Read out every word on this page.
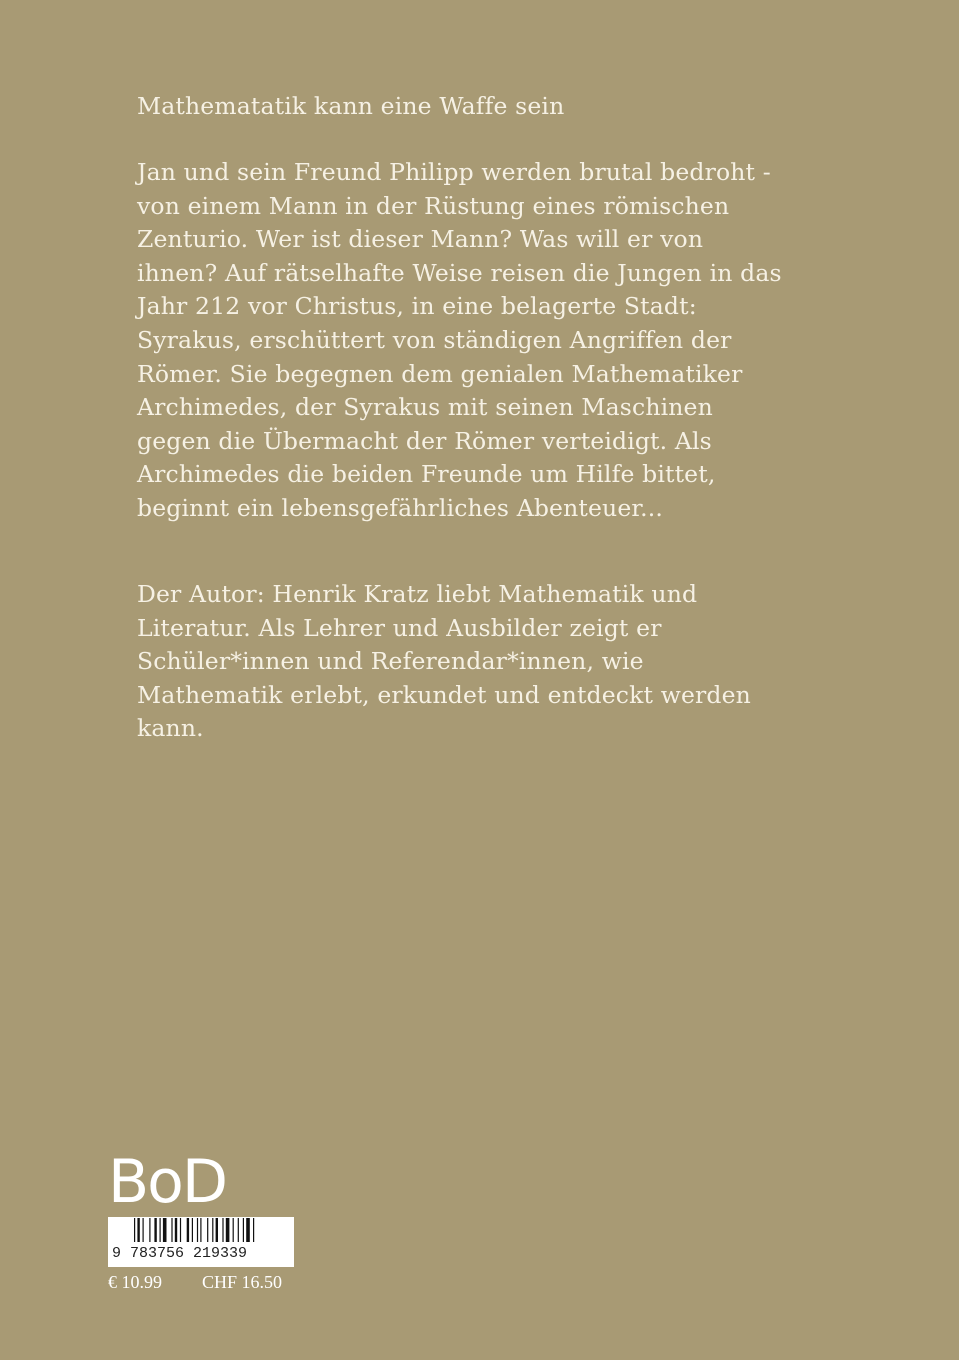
Mathematatik kann eine Waffe sein

Jan und sein Freund Philipp werden brutal bedroht -

von einem Mann in der Rüstung eines römischen

Zenturio. Wer ist dieser Mann? Was will er von

ihnen? Auf rätselhafte Weise reisen die Jungen in das

Jahr 212 vor Christus, in eine belagerte Stadt:

Syrakus, erschüttert von ständigen Angriffen der

Römer. Sie begegnen dem genialen Mathematiker

Archimedes, der Syrakus mit seinen Maschinen

gegen die Übermacht der Römer verteidigt. Als

Archimedes die beiden Freunde um Hilfe bittet,

beginnt ein lebensgefährliches Abenteuer...

Der Autor: Henrik Kratz liebt Mathematik und

Literatur. Als Lehrer und Ausbilder zeigt er

Schüler*innen und Referendar*innen, wie

Mathematik erlebt, erkundet und entdeckt werden

kann.

BoD
9 783756 219339
€ 10.99 CHF 16.50
